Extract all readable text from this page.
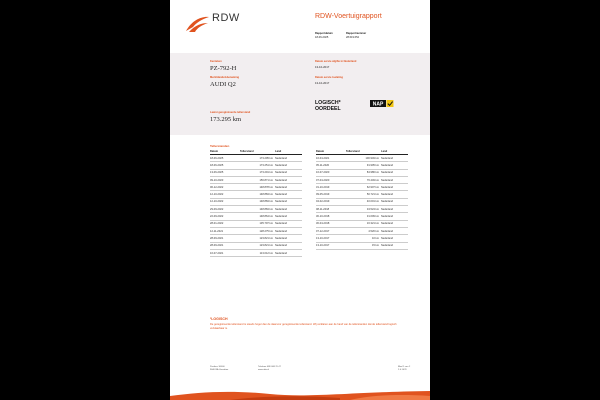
RDW	RDW-Voertuigrapport
Rapportdatum
18-06-2025
Rapportnummer
28.619.654
Kenteken
PZ-792-H
Merk/Handelsbenaming
AUDI Q2
Laatst geregistreerde tellerstand
173.295 km
Datum eerste afgifte in Nederland
13-10-2017
Datum eerste toelating
13-10-2017
LOGISCH*
OORDEEL
NAP
Tellerstanden
Datum	Tellerstand	Land
18-06-2025	173.295 km	Nederland
18-06-2025	173.251 km	Nederland
13-06-2025	173.291 km	Nederland
09-10-2023	156.871 km	Nederland
06-12-2022	148.878 km	Nederland
12-10-2022	148.884 km	Nederland
12-10-2022	148.884 km	Nederland
29-09-2022	148.884 km	Nederland
22-09-2022	148.864 km	Nederland
28-01-2022	135.797 km	Nederland
12-11-2021	128.275 km	Nederland
28-09-2021	123.821 km	Nederland
28-09-2021	123.821 km	Nederland
16-07-2021	113.012 km	Nederland
Datum	Tellerstand	Land
16-04-2021	100.949 km	Nederland
05-11-2020	91.905 km	Nederland
16-07-2020	84.986 km	Nederland
07-04-2020	76.449 km	Nederland
31-10-2019	62.907 km	Nederland
09-05-2019	50.721 km	Nederland
04-02-2019	40.001 km	Nederland
08-11-2018	34.524 km	Nederland
30-10-2018	31.609 km	Nederland
30-04-2018	16.321 km	Nederland
07-12-2017	4.520 km	Nederland
13-10-2017	10 km	Nederland
13-10-2017	15 km	Nederland
¹LOGISCH
De geregistreerde tellerstand is steeds hoger dan de daarvoor geregistreerde tellerstand. Wij verklaren aan de hand van de tellerstanden dat de tellerstand logisch verklaarbaar is.
Postbus 30000
9640 RA Veendam
Telefoon 088 008 70 47
www.rdw.nl
Blad 1 van 2
2.0.1078
